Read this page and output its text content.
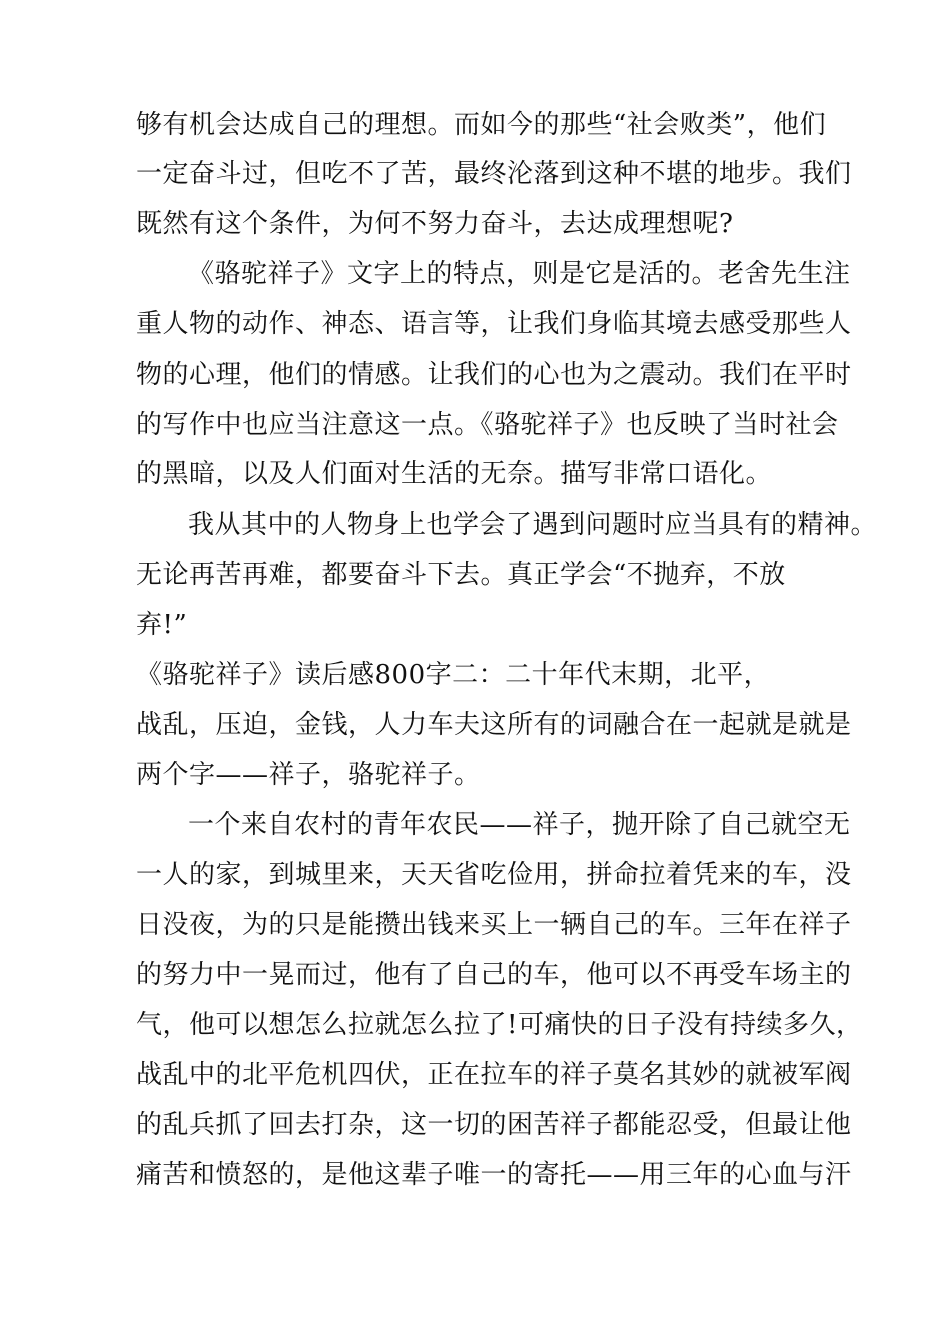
够有机会达成自己的理想。而如今的那些“社会败类”，他们
一定奋斗过，但吃不了苦，最终沦落到这种不堪的地步。我们
既然有这个条件，为何不努力奋斗，去达成理想呢?
《骆驼祥子》文字上的特点，则是它是活的。老舍先生注
重人物的动作、神态、语言等，让我们身临其境去感受那些人
物的心理，他们的情感。让我们的心也为之震动。我们在平时
的写作中也应当注意这一点。《骆驼祥子》也反映了当时社会
的黑暗，以及人们面对生活的无奈。描写非常口语化。
我从其中的人物身上也学会了遇到问题时应当具有的精神。
无论再苦再难，都要奋斗下去。真正学会“不抛弃，不放
弃!”
《骆驼祥子》读后感800字二：二十年代末期，北平，
战乱，压迫，金钱，人力车夫这所有的词融合在一起就是就是
两个字——祥子，骆驼祥子。
一个来自农村的青年农民——祥子，抛开除了自己就空无
一人的家，到城里来，天天省吃俭用，拼命拉着凭来的车，没
日没夜，为的只是能攒出钱来买上一辆自己的车。三年在祥子
的努力中一晃而过，他有了自己的车，他可以不再受车场主的
气，他可以想怎么拉就怎么拉了!可痛快的日子没有持续多久，
战乱中的北平危机四伏，正在拉车的祥子莫名其妙的就被军阀
的乱兵抓了回去打杂，这一切的困苦祥子都能忍受，但最让他
痛苦和愤怒的，是他这辈子唯一的寄托——用三年的心血与汗
